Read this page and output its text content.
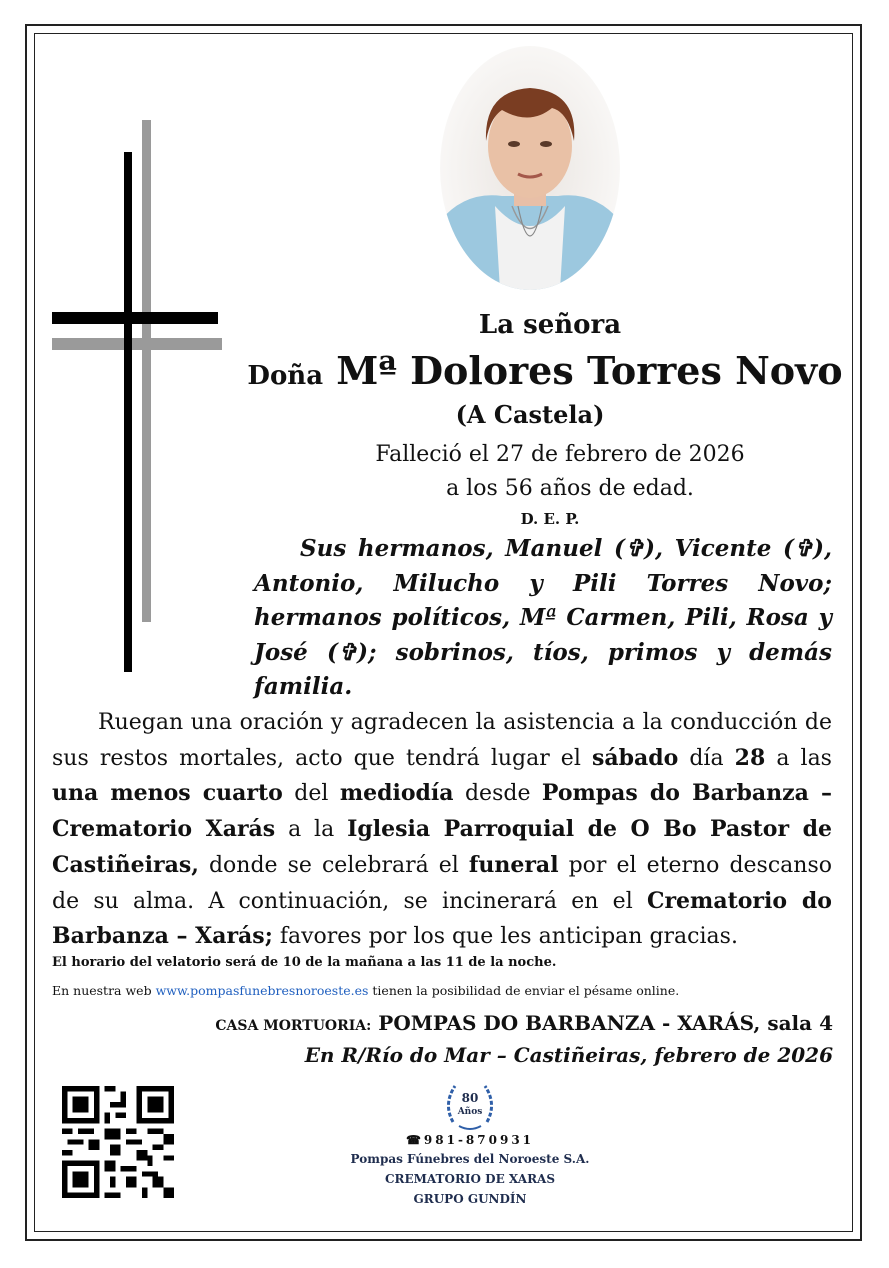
La señora
Doña Mª Dolores Torres Novo
(A Castela)
Falleció el 27 de febrero de 2026
a los 56 años de edad.
D. E. P.

Sus hermanos, Manuel (✞), Vicente (✞), Antonio, Milucho y Pili Torres Novo; hermanos políticos, Mª Carmen, Pili, Rosa y José (✞); sobrinos, tíos, primos y demás familia.

Ruegan una oración y agradecen la asistencia a la conducción de sus restos mortales, acto que tendrá lugar el sábado día 28 a las una menos cuarto del mediodía desde Pompas do Barbanza – Crematorio Xarás a la Iglesia Parroquial de O Bo Pastor de Castiñeiras, donde se celebrará el funeral por el eterno descanso de su alma. A continuación, se incinerará en el Crematorio do Barbanza – Xarás; favores por los que les anticipan gracias.

El horario del velatorio será de 10 de la mañana a las 11 de la noche.
En nuestra web www.pompasfunebresnoroeste.es tienen la posibilidad de enviar el pésame online.
CASA MORTUORIA: POMPAS DO BARBANZA - XARÁS, sala 4
En R/Río do Mar – Castiñeiras, febrero de 2026
80
Años
☎981-870931
Pompas Fúnebres del Noroeste S.A.
CREMATORIO DE XARAS
GRUPO GUNDÍN
